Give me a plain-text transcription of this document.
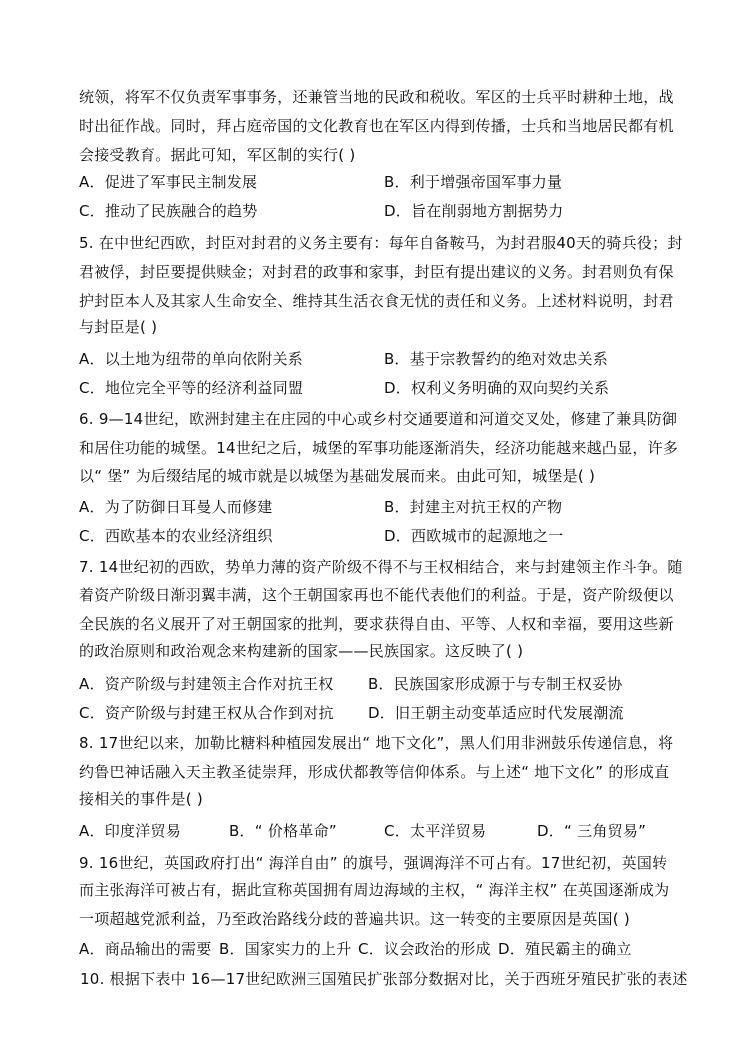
统领，将军不仅负责军事事务，还兼管当地的民政和税收。军区的士兵平时耕种土地，战
时出征作战。同时，拜占庭帝国的文化教育也在军区内得到传播，士兵和当地居民都有机
会接受教育。据此可知，军区制的实行( )
A．促进了军事民主制发展	B．利于增强帝国军事力量
C．推动了民族融合的趋势	D．旨在削弱地方割据势力
5. 在中世纪西欧，封臣对封君的义务主要有：每年自备鞍马，为封君服40天的骑兵役；封
君被俘，封臣要提供赎金；对封君的政事和家事，封臣有提出建议的义务。封君则负有保
护封臣本人及其家人生命安全、维持其生活衣食无忧的责任和义务。上述材料说明，封君
与封臣是( )
A．以土地为纽带的单向依附关系	B．基于宗教誓约的绝对效忠关系
C．地位完全平等的经济利益同盟	D．权利义务明确的双向契约关系
6. 9—14世纪，欧洲封建主在庄园的中心或乡村交通要道和河道交叉处，修建了兼具防御
和居住功能的城堡。14世纪之后，城堡的军事功能逐渐消失，经济功能越来越凸显，许多
以“ 堡” 为后缀结尾的城市就是以城堡为基础发展而来。由此可知，城堡是( )
A．为了防御日耳曼人而修建	B．封建主对抗王权的产物
C．西欧基本的农业经济组织	D．西欧城市的起源地之一
7. 14世纪初的西欧，势单力薄的资产阶级不得不与王权相结合，来与封建领主作斗争。随
着资产阶级日渐羽翼丰满，这个王朝国家再也不能代表他们的利益。于是，资产阶级便以
全民族的名义展开了对王朝国家的批判，要求获得自由、平等、人权和幸福，要用这些新
的政治原则和政治观念来构建新的国家——民族国家。这反映了( )
A．资产阶级与封建领主合作对抗王权 B．民族国家形成源于与专制王权妥协
C．资产阶级与封建王权从合作到对抗 D．旧王朝主动变革适应时代发展潮流
8. 17世纪以来，加勒比糖料种植园发展出“ 地下文化”，黑人们用非洲鼓乐传递信息，将
约鲁巴神话融入天主教圣徒崇拜，形成伏都教等信仰体系。与上述“ 地下文化” 的形成直
接相关的事件是( )
A．印度洋贸易	B．“ 价格革命”	C．太平洋贸易	D．“ 三角贸易”
9. 16世纪，英国政府打出“ 海洋自由” 的旗号，强调海洋不可占有。17世纪初，英国转
而主张海洋可被占有，据此宣称英国拥有周边海域的主权，“ 海洋主权” 在英国逐渐成为
一项超越党派利益，乃至政治路线分歧的普遍共识。这一转变的主要原因是英国( )
A．商品输出的需要 B．国家实力的上升 C．议会政治的形成 D．殖民霸主的确立
10. 根据下表中 16—17世纪欧洲三国殖民扩张部分数据对比，关于西班牙殖民扩张的表述
